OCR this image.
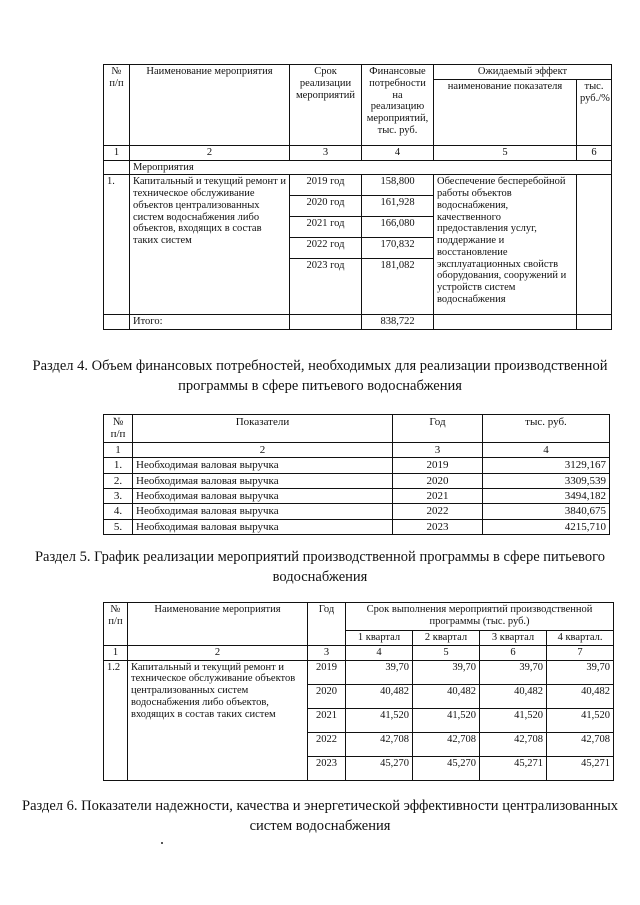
№ п/п	Наименование мероприятия	Срок реализации мероприятий	Финансовые потребности на реализацию мероприятий, тыс. руб.	Ожидаемый эффект	
				наименование показателя	тыс. руб./%
1	2	3	4	5	6
	Мероприятия				
1.	Капитальный и текущий ремонт и техническое обслуживание объектов централизованных систем водоснабжения либо объектов, входящих в состав таких систем	2019 год	158,800	Обеспечение бесперебойной работы объектов водоснабжения, качественного предоставления услуг, поддержание и восстановление эксплуатационных свойств оборудования, сооружений и устройств систем водоснабжения	
		2020 год	161,928		
		2021 год	166,080		
		2022 год	170,832		
		2023 год	181,082		
	Итого:		838,722		

Раздел 4. Объем финансовых потребностей, необходимых для реализации производственной программы в сфере питьевого водоснабжения

№ п/п	Показатели	Год	тыс. руб.
1	2	3	4
1.	Необходимая валовая выручка	2019	3129,167
2.	Необходимая валовая выручка	2020	3309,539
3.	Необходимая валовая выручка	2021	3494,182
4.	Необходимая валовая выручка	2022	3840,675
5.	Необходимая валовая выручка	2023	4215,710

Раздел 5. График реализации мероприятий производственной программы в сфере питьевого водоснабжения

№ п/п	Наименование мероприятия	Год	Срок выполнения мероприятий производственной программы (тыс. руб.)			
			1 квартал	2 квартал	3 квартал	4 квартал.
1	2	3	4	5	6	7
1.2	Капитальный и текущий ремонт и техническое обслуживание объектов централизованных систем водоснабжения либо объектов, входящих в состав таких систем	2019	39,70	39,70	39,70	39,70
		2020	40,482	40,482	40,482	40,482
		2021	41,520	41,520	41,520	41,520
		2022	42,708	42,708	42,708	42,708
		2023	45,270	45,270	45,271	45,271

Раздел 6. Показатели надежности, качества и энергетической эффективности централизованных систем водоснабжения
